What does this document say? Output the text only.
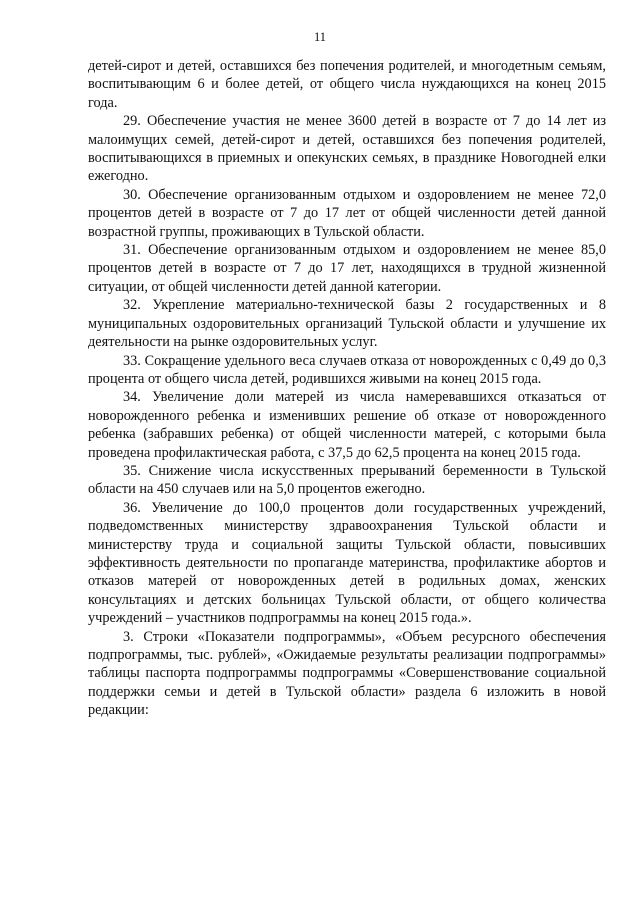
11

детей-сирот и детей, оставшихся без попечения родителей, и многодетным семьям, воспитывающим 6 и более детей, от общего числа нуждающихся на конец 2015 года.

29. Обеспечение участия не менее 3600 детей в возрасте от 7 до 14 лет из малоимущих семей, детей-сирот и детей, оставшихся без попечения родителей, воспитывающихся в приемных и опекунских семьях, в празднике Новогодней елки ежегодно.

30. Обеспечение организованным отдыхом и оздоровлением не менее 72,0 процентов детей в возрасте от 7 до 17 лет от общей численности детей данной возрастной группы, проживающих в Тульской области.

31. Обеспечение организованным отдыхом и оздоровлением не менее 85,0 процентов детей в возрасте от 7 до 17 лет, находящихся в трудной жизненной ситуации, от общей численности детей данной категории.

32. Укрепление материально-технической базы 2 государственных и 8 муниципальных оздоровительных организаций Тульской области и улучшение их деятельности на рынке оздоровительных услуг.

33. Сокращение удельного веса случаев отказа от новорожденных с 0,49 до 0,3 процента от общего числа детей, родившихся живыми на конец 2015 года.

34. Увеличение доли матерей из числа намеревавшихся отказаться от новорожденного ребенка и изменивших решение об отказе от новорожденного ребенка (забравших ребенка) от общей численности матерей, с которыми была проведена профилактическая работа, с 37,5 до 62,5 процента на конец 2015 года.

35. Снижение числа искусственных прерываний беременности в Тульской области на 450 случаев или на 5,0 процентов ежегодно.

36. Увеличение до 100,0 процентов доли государственных учреждений, подведомственных министерству здравоохранения Тульской области и министерству труда и социальной защиты Тульской области, повысивших эффективность деятельности по пропаганде материнства, профилактике абортов и отказов матерей от новорожденных детей в родильных домах, женских консультациях и детских больницах Тульской области, от общего количества учреждений – участников подпрограммы на конец 2015 года.».

3. Строки «Показатели подпрограммы», «Объем ресурсного обеспечения подпрограммы, тыс. рублей», «Ожидаемые результаты реализации подпрограммы» таблицы паспорта подпрограммы подпрограммы «Совершенствование социальной поддержки семьи и детей в Тульской области» раздела 6 изложить в новой редакции:
